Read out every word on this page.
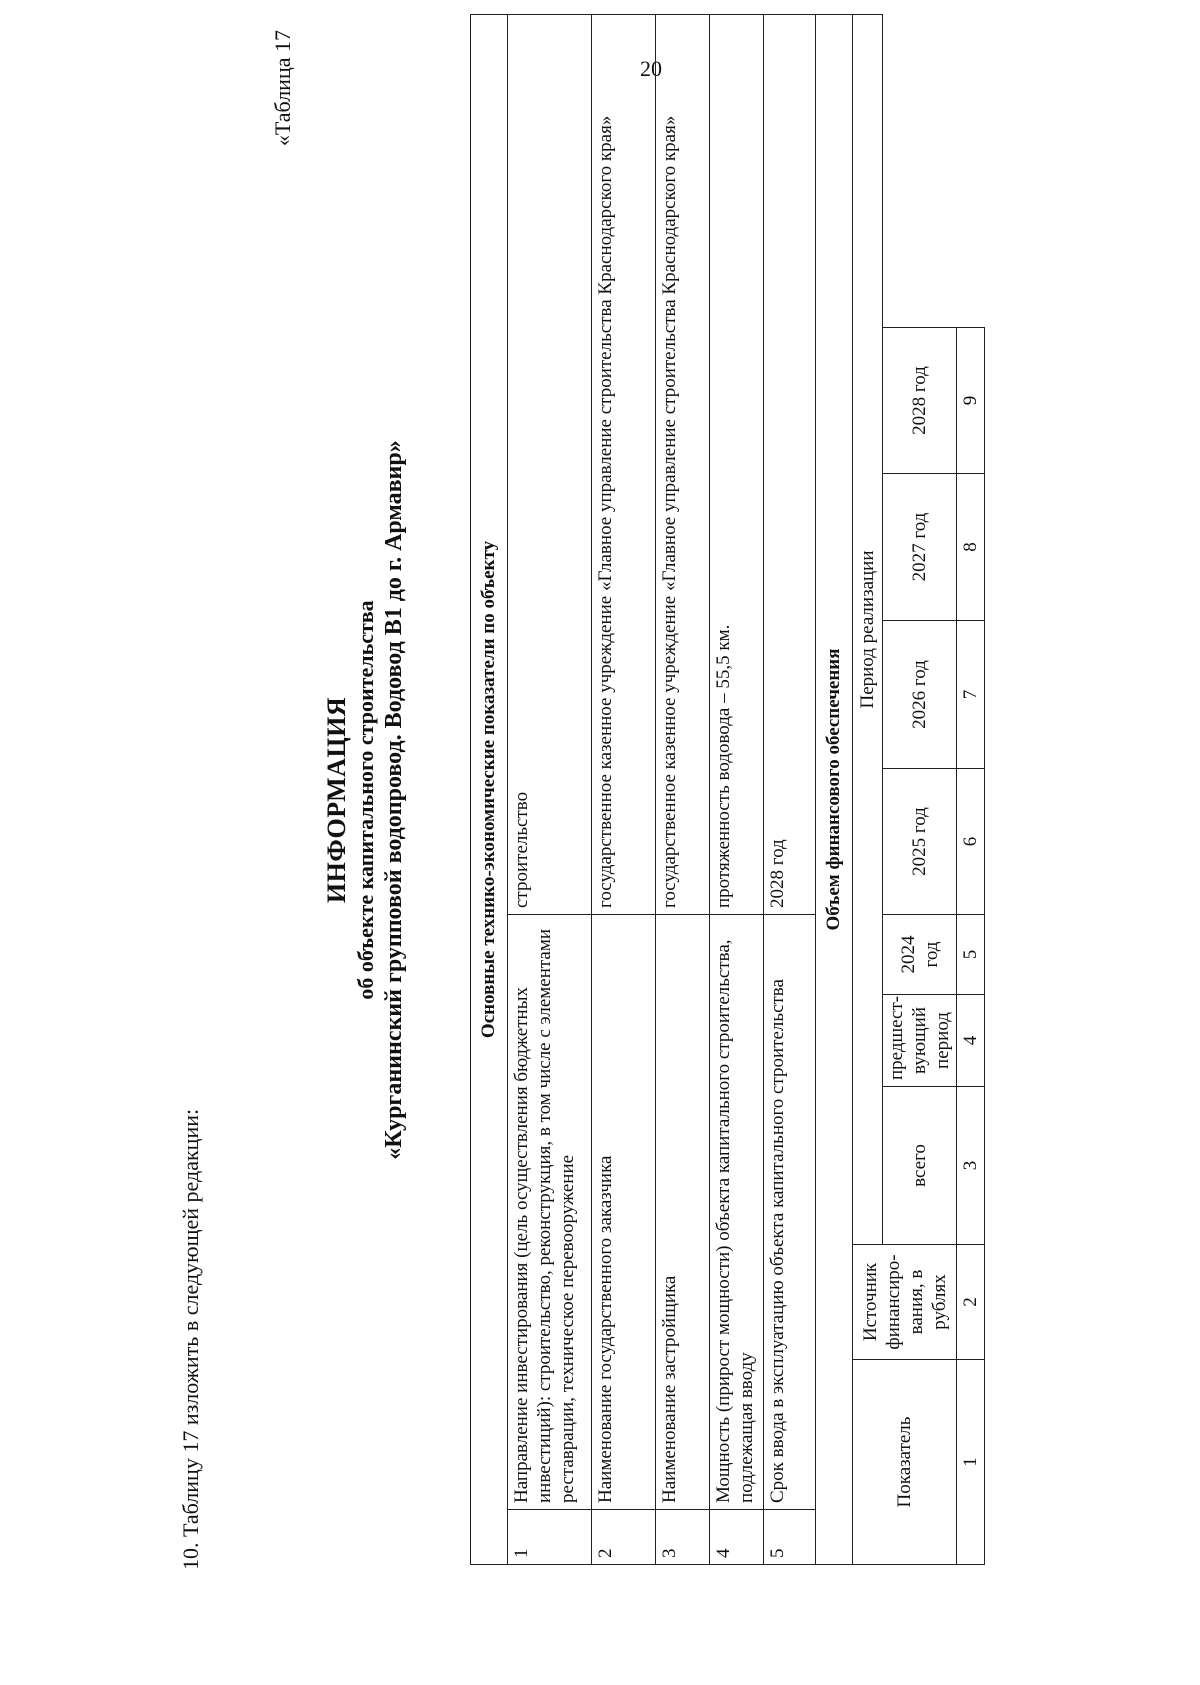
20
10. Таблицу 17 изложить в следующей редакции:
«Таблица 17
ИНФОРМАЦИЯ об объекте капитального строительства «Курганинский групповой водопровод. Водовод В1 до г. Армавир»	Основные технико-экономические показатели по объекту									
1	Направление инвестирования (цель осуществления бюджетных инвестиций): строительство, реконструкция, в том числе с элементами реставрации, техническое перевооружение					строительство			
2	Наименование государственного заказчика					государственное казенное учреждение «Главное управление строительства Краснодарского края»			
3	Наименование застройщика					государственное казенное учреждение «Главное управление строительства Краснодарского края»			
4	Мощность (прирост мощности) объекта капитального строительства, подлежащая вводу					протяженность водовода – 55,5 км.			
5	Срок ввода в эксплуатацию объекта капитального строительства					2028 год			
Объем финансового обеспечения									
Показатель		Источник финансиро-вания, в рублях	Период реализации						
			всего	предшест-вующий период	2024 год	2025 год	2026 год	2027 год	2028 год
1		2	3	4	5	6	7	8	9
